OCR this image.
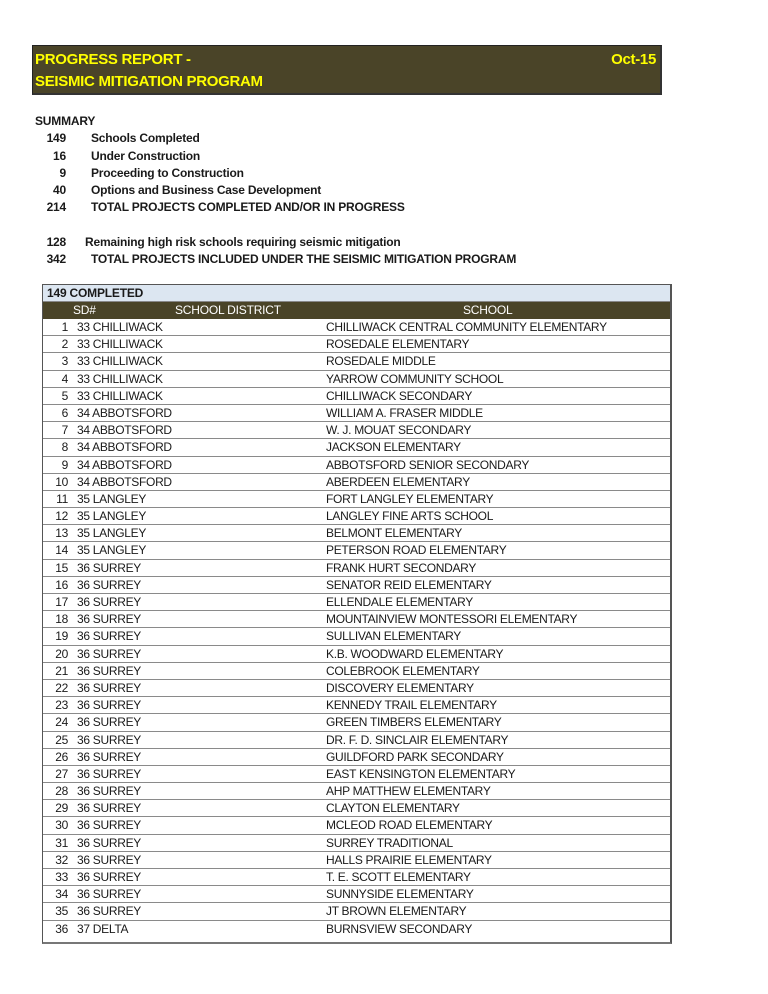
PROGRESS REPORT -
SEISMIC MITIGATION PROGRAM
Oct-15
SUMMARY
149 Schools Completed
16 Under Construction
9 Proceeding to Construction
40 Options and Business Case Development
214 TOTAL PROJECTS COMPLETED AND/OR IN PROGRESS
128 Remaining high risk schools requiring seismic mitigation
342 TOTAL PROJECTS INCLUDED UNDER THE SEISMIC MITIGATION PROGRAM
149 COMPLETED
SD#	SCHOOL DISTRICT	SCHOOL
1 33 CHILLIWACK	CHILLIWACK CENTRAL COMMUNITY ELEMENTARY
2 33 CHILLIWACK	ROSEDALE ELEMENTARY
3 33 CHILLIWACK	ROSEDALE MIDDLE
4 33 CHILLIWACK	YARROW COMMUNITY SCHOOL
5 33 CHILLIWACK	CHILLIWACK SECONDARY
6 34 ABBOTSFORD	WILLIAM A. FRASER MIDDLE
7 34 ABBOTSFORD	W. J. MOUAT SECONDARY
8 34 ABBOTSFORD	JACKSON ELEMENTARY
9 34 ABBOTSFORD	ABBOTSFORD SENIOR SECONDARY
10 34 ABBOTSFORD	ABERDEEN ELEMENTARY
11 35 LANGLEY	FORT LANGLEY ELEMENTARY
12 35 LANGLEY	LANGLEY FINE ARTS SCHOOL
13 35 LANGLEY	BELMONT ELEMENTARY
14 35 LANGLEY	PETERSON ROAD ELEMENTARY
15 36 SURREY	FRANK HURT SECONDARY
16 36 SURREY	SENATOR REID ELEMENTARY
17 36 SURREY	ELLENDALE ELEMENTARY
18 36 SURREY	MOUNTAINVIEW MONTESSORI ELEMENTARY
19 36 SURREY	SULLIVAN ELEMENTARY
20 36 SURREY	K.B. WOODWARD ELEMENTARY
21 36 SURREY	COLEBROOK ELEMENTARY
22 36 SURREY	DISCOVERY ELEMENTARY
23 36 SURREY	KENNEDY TRAIL ELEMENTARY
24 36 SURREY	GREEN TIMBERS ELEMENTARY
25 36 SURREY	DR. F. D. SINCLAIR ELEMENTARY
26 36 SURREY	GUILDFORD PARK SECONDARY
27 36 SURREY	EAST KENSINGTON ELEMENTARY
28 36 SURREY	AHP MATTHEW ELEMENTARY
29 36 SURREY	CLAYTON ELEMENTARY
30 36 SURREY	MCLEOD ROAD ELEMENTARY
31 36 SURREY	SURREY TRADITIONAL
32 36 SURREY	HALLS PRAIRIE ELEMENTARY
33 36 SURREY	T. E. SCOTT ELEMENTARY
34 36 SURREY	SUNNYSIDE ELEMENTARY
35 36 SURREY	JT BROWN ELEMENTARY
36 37 DELTA	BURNSVIEW SECONDARY
